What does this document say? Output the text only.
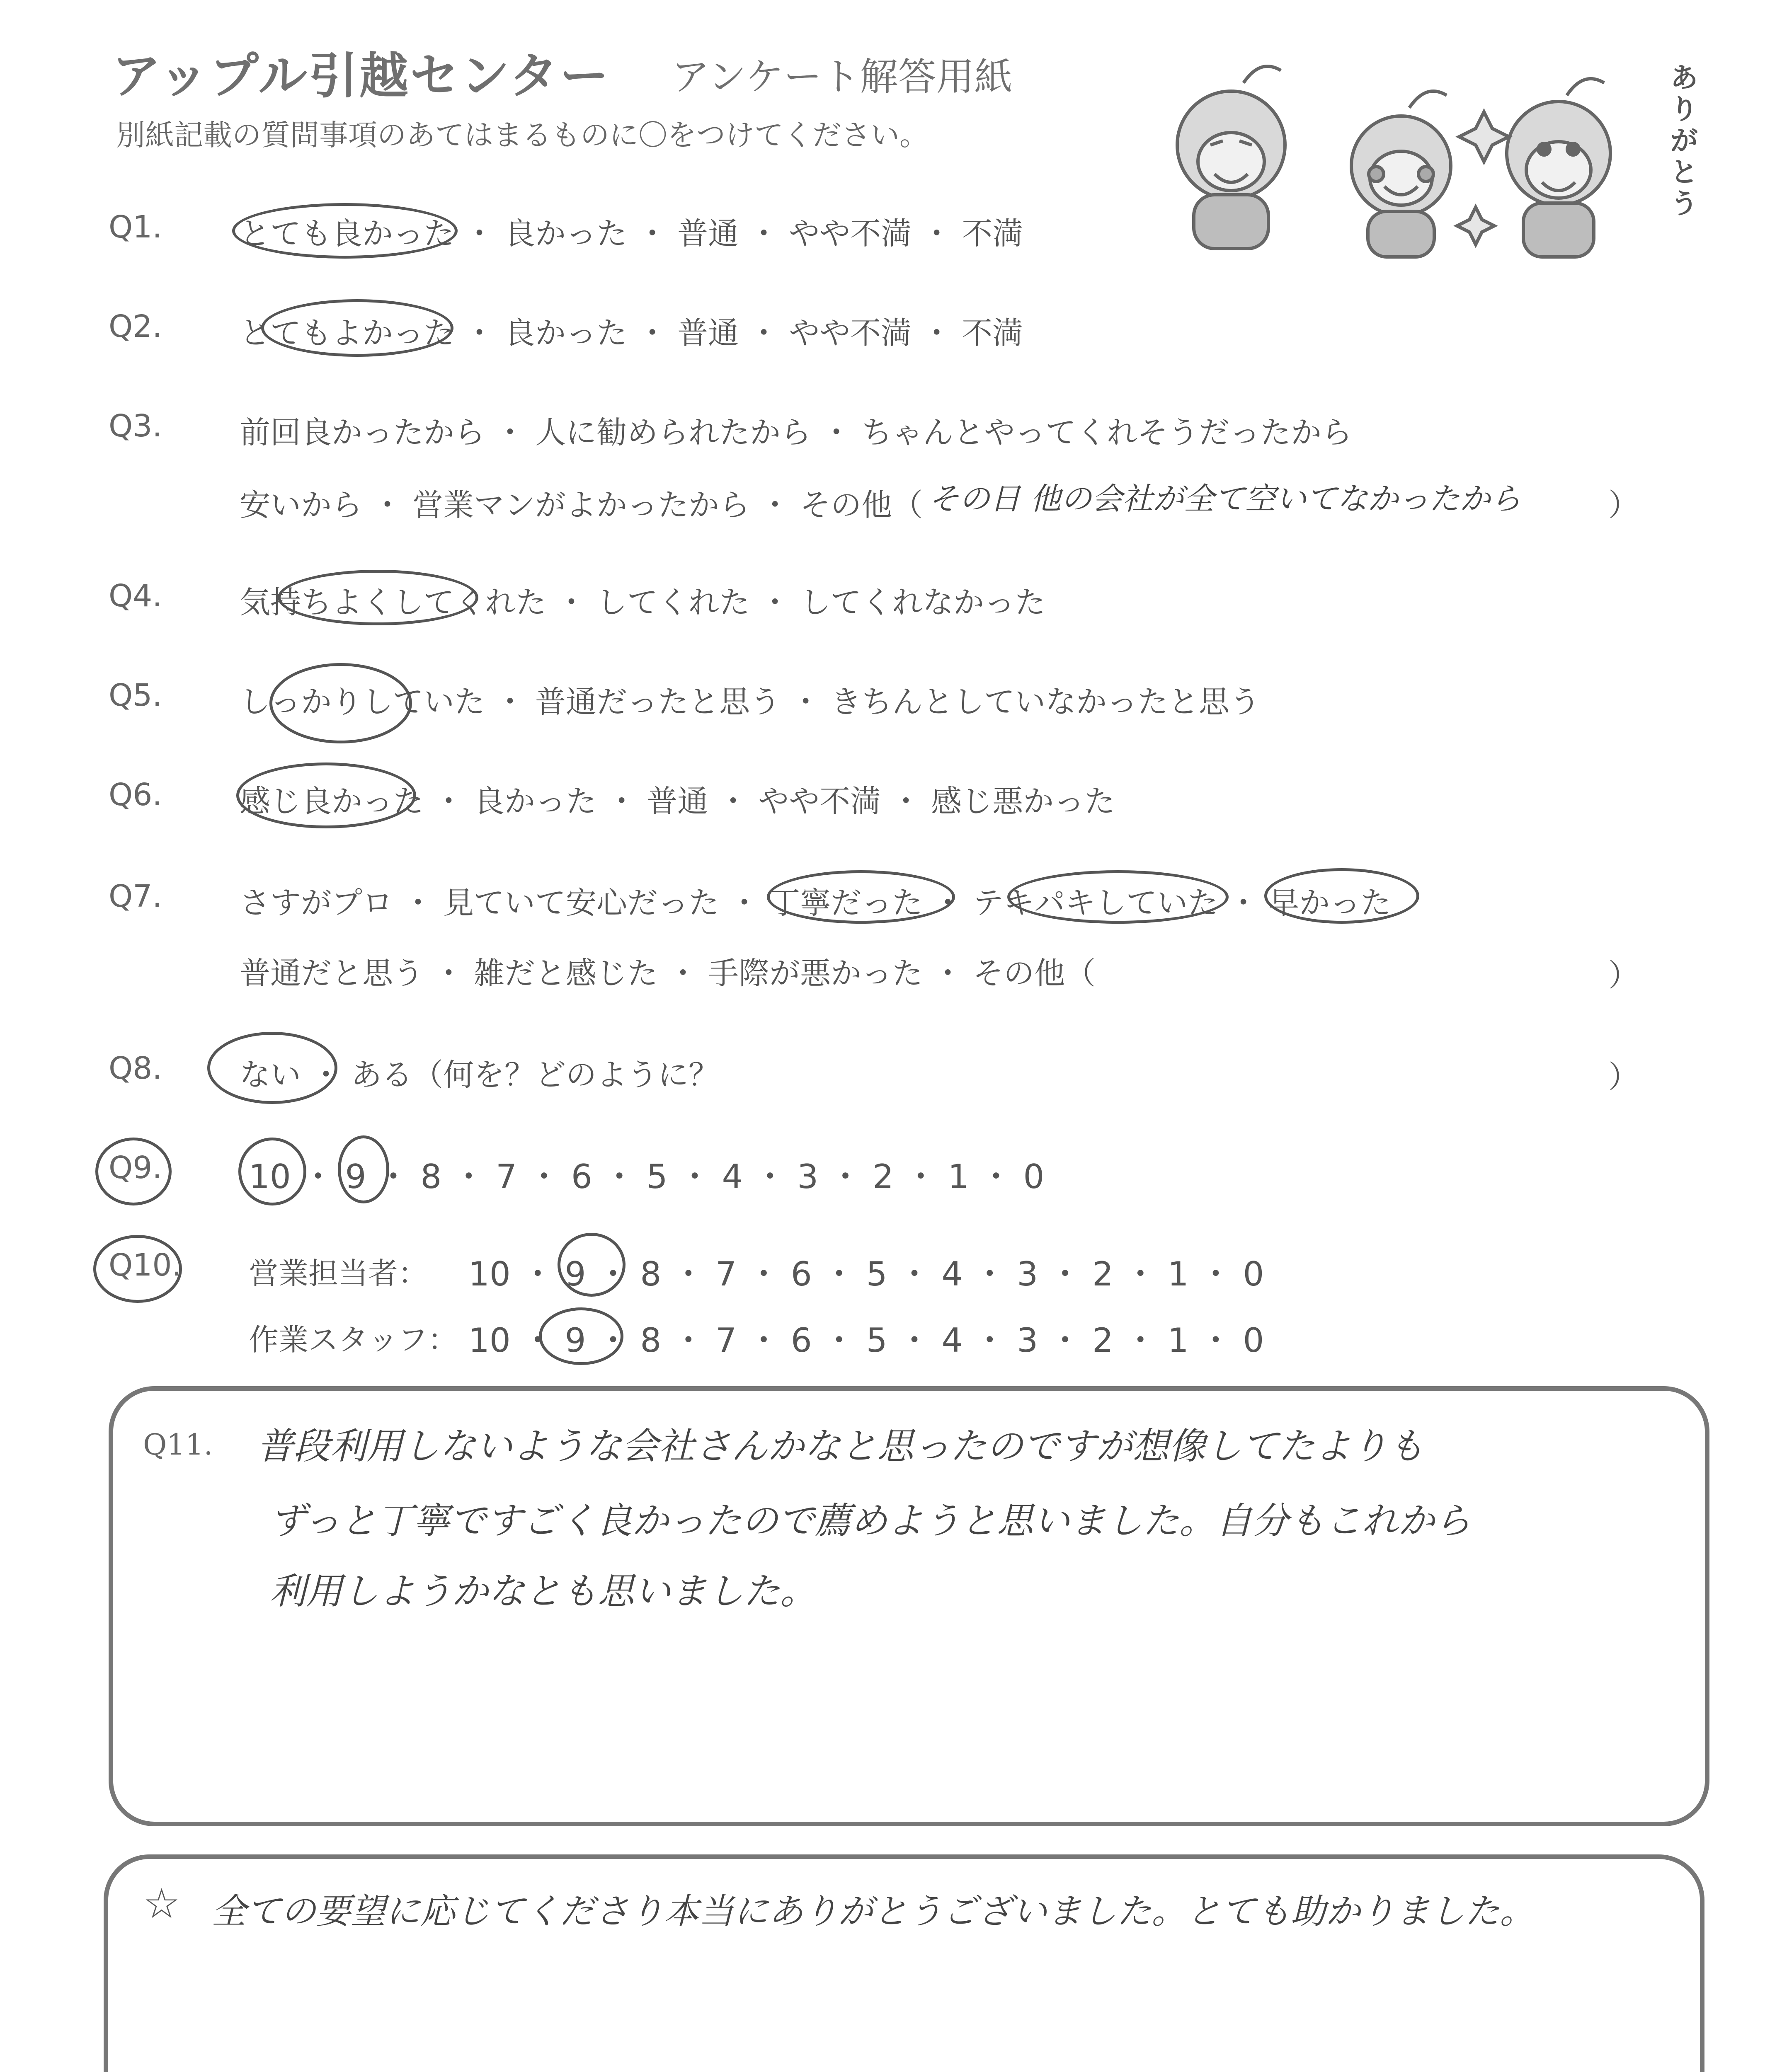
アップル引越センター アンケート解答用紙
別紙記載の質問事項のあてはまるものに〇をつけてください。
ありがとう
Q1.	とても良かった ・ 良かった ・ 普通 ・ やや不満 ・ 不満
Q2.	とてもよかった ・ 良かった ・ 普通 ・ やや不満 ・ 不満
Q3.	前回良かったから ・ 人に勧められたから ・ ちゃんとやってくれそうだったから
安いから ・ 営業マンがよかったから ・ その他（ その日 他の会社が全て空いてなかったから	）
Q4.	気持ちよくしてくれた ・ してくれた ・ してくれなかった
Q5.	しっかりしていた ・ 普通だったと思う ・ きちんとしていなかったと思う
Q6.	感じ良かった ・ 良かった ・ 普通 ・ やや不満 ・ 感じ悪かった
Q7.	さすがプロ ・ 見ていて安心だった ・ 丁寧だった ・ テキパキしていた ・ 早かった
普通だと思う ・ 雑だと感じた ・ 手際が悪かった ・ その他（	）
Q8.	ない ・ ある（何を？どのように？	）
Q9.	10 ・ 9 ・ 8 ・ 7 ・ 6 ・ 5 ・ 4 ・ 3 ・ 2 ・ 1 ・ 0
Q10. 営業担当者： 10 ・ 9 ・ 8 ・ 7 ・ 6 ・ 5 ・ 4 ・ 3 ・ 2 ・ 1 ・ 0
作業スタッフ： 10 ・ 9 ・ 8 ・ 7 ・ 6 ・ 5 ・ 4 ・ 3 ・ 2 ・ 1 ・ 0
Q11. 普段利用しないような会社さんかなと思ったのですが想像してたよりも
ずっと丁寧ですごく良かったので薦めようと思いました。自分もこれから
利用しようかなとも思いました。
☆ 全ての要望に応じてくださり本当にありがとうございました。とても助かりました。
